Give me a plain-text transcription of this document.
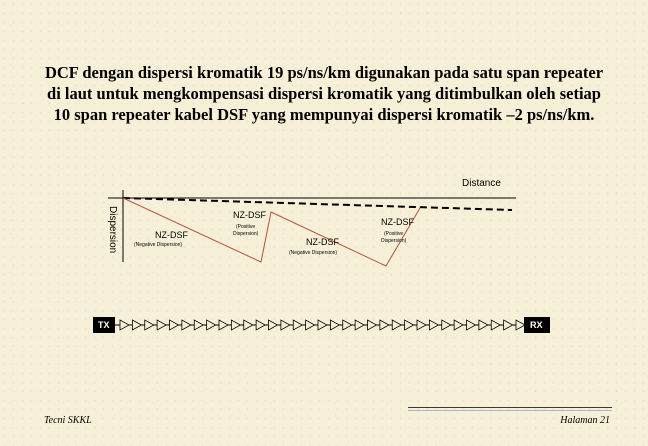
DCF dengan dispersi kromatik 19 ps/ns/km digunakan pada satu span repeater di laut untuk mengkompensasi dispersi kromatik yang ditimbulkan oleh setiap 10 span repeater kabel DSF yang mempunyai dispersi kromatik –2 ps/ns/km.
Distance
Dispersion	NZ-DSF
(Negative Dispersion)
NZ-DSF
(Positive
Dispersion)
NZ-DSF
(Negative Dispersion)
NZ-DSF
(Positive
Dispersion)
TX	RX
Tecni SKKL	Halaman 21
